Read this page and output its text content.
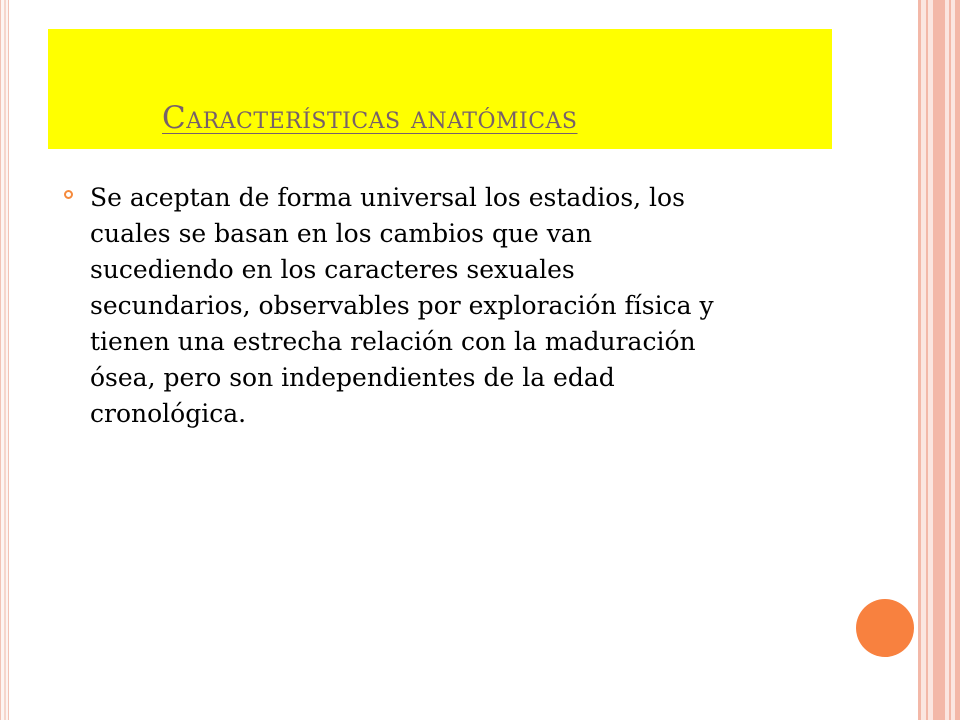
Características anatómicas

Se aceptan de forma universal los estadios, los
cuales se basan en los cambios que van
sucediendo en los caracteres sexuales
secundarios, observables por exploración física y
tienen una estrecha relación con la maduración
ósea, pero son independientes de la edad
cronológica.
